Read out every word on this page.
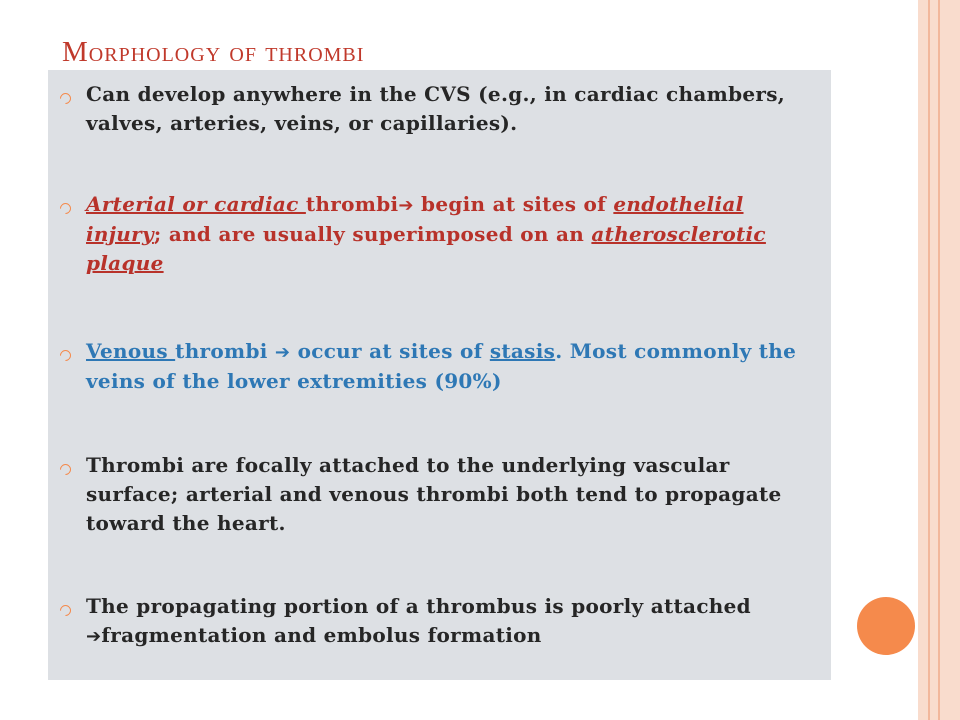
Morphology of thrombi
Can develop anywhere in the CVS (e.g., in cardiac chambers, valves, arteries, veins, or capillaries).
Arterial or cardiac thrombi➔ begin at sites of endothelial injury; and are usually superimposed on an atherosclerotic plaque
Venous thrombi ➔ occur at sites of stasis. Most commonly the veins of the lower extremities (90%)
Thrombi are focally attached to the underlying vascular surface; arterial and venous thrombi both tend to propagate toward the heart.
The propagating portion of a thrombus is poorly attached ➔fragmentation and embolus formation
